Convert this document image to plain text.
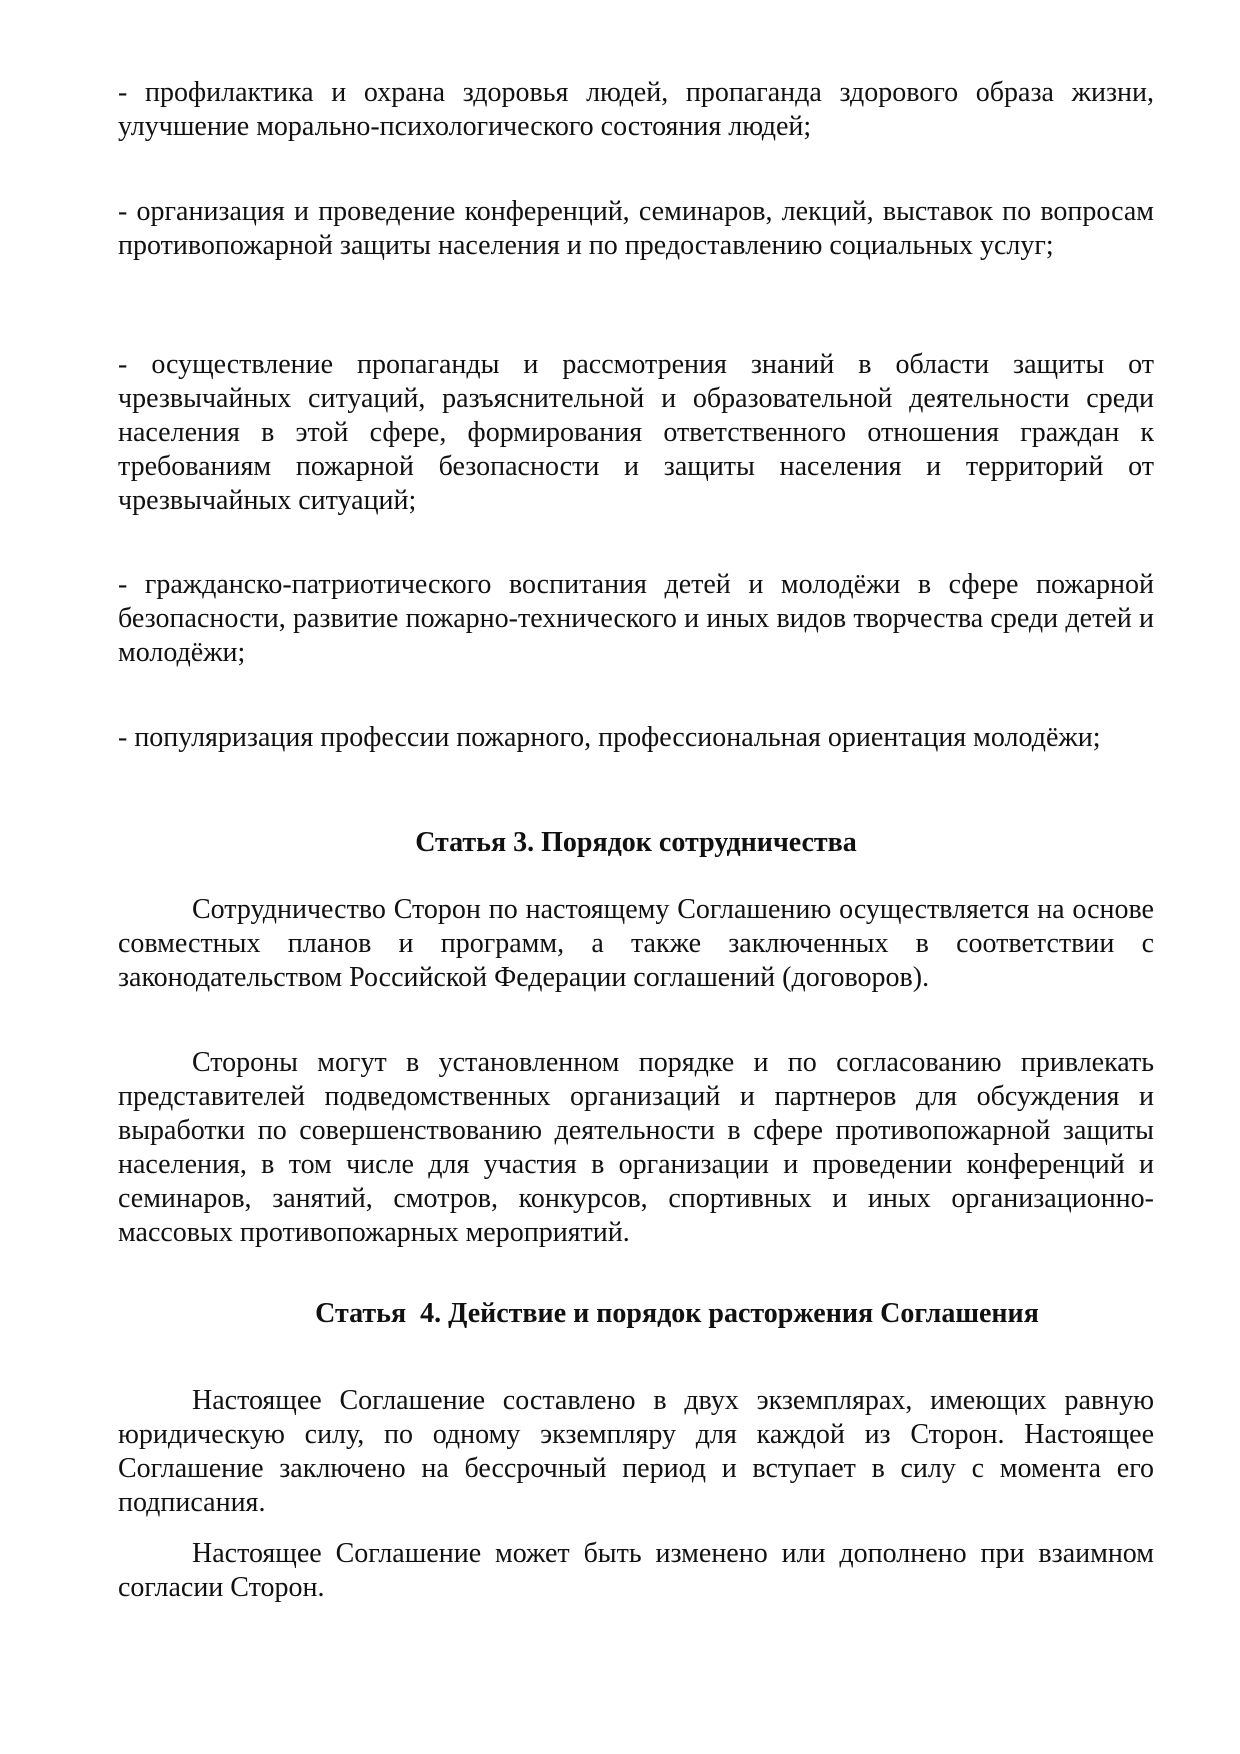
- профилактика и охрана здоровья людей, пропаганда здорового образа жизни, улучшение морально-психологического состояния людей;

- организация и проведение конференций, семинаров, лекций, выставок по вопросам противопожарной защиты населения и по предоставлению социальных услуг;

- осуществление пропаганды и рассмотрения знаний в области защиты от чрезвычайных ситуаций, разъяснительной и образовательной деятельности среди населения в этой сфере, формирования ответственного отношения граждан к требованиям пожарной безопасности и защиты населения и территорий от чрезвычайных ситуаций;

- гражданско-патриотического воспитания детей и молодёжи в сфере пожарной безопасности, развитие пожарно-технического и иных видов творчества среди детей и молодёжи;

- популяризация профессии пожарного, профессиональная ориентация молодёжи;

Статья 3. Порядок сотрудничества

Сотрудничество Сторон по настоящему Соглашению осуществляется на основе совместных планов и программ, а также заключенных в соответствии с законодательством Российской Федерации соглашений (договоров).

Стороны могут в установленном порядке и по согласованию привлекать представителей подведомственных организаций и партнеров для обсуждения и выработки по совершенствованию деятельности в сфере противопожарной защиты населения, в том числе для участия в организации и проведении конференций и семинаров, занятий, смотров, конкурсов, спортивных и иных организационно-массовых противопожарных мероприятий.

Статья  4. Действие и порядок расторжения Соглашения

Настоящее Соглашение составлено в двух экземплярах, имеющих равную юридическую силу, по одному экземпляру для каждой из Сторон. Настоящее Соглашение заключено на бессрочный период и вступает в силу с момента его подписания.

Настоящее Соглашение может быть изменено или дополнено при взаимном согласии Сторон.
